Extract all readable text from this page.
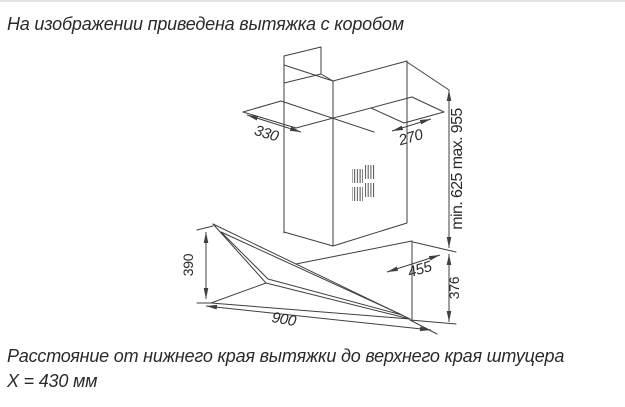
На изображении приведена вытяжка с коробом
330	270 min. 625 max. 955
390
900
455
376
Расстояние от нижнего края вытяжки до верхнего края штуцера
X = 430 мм
